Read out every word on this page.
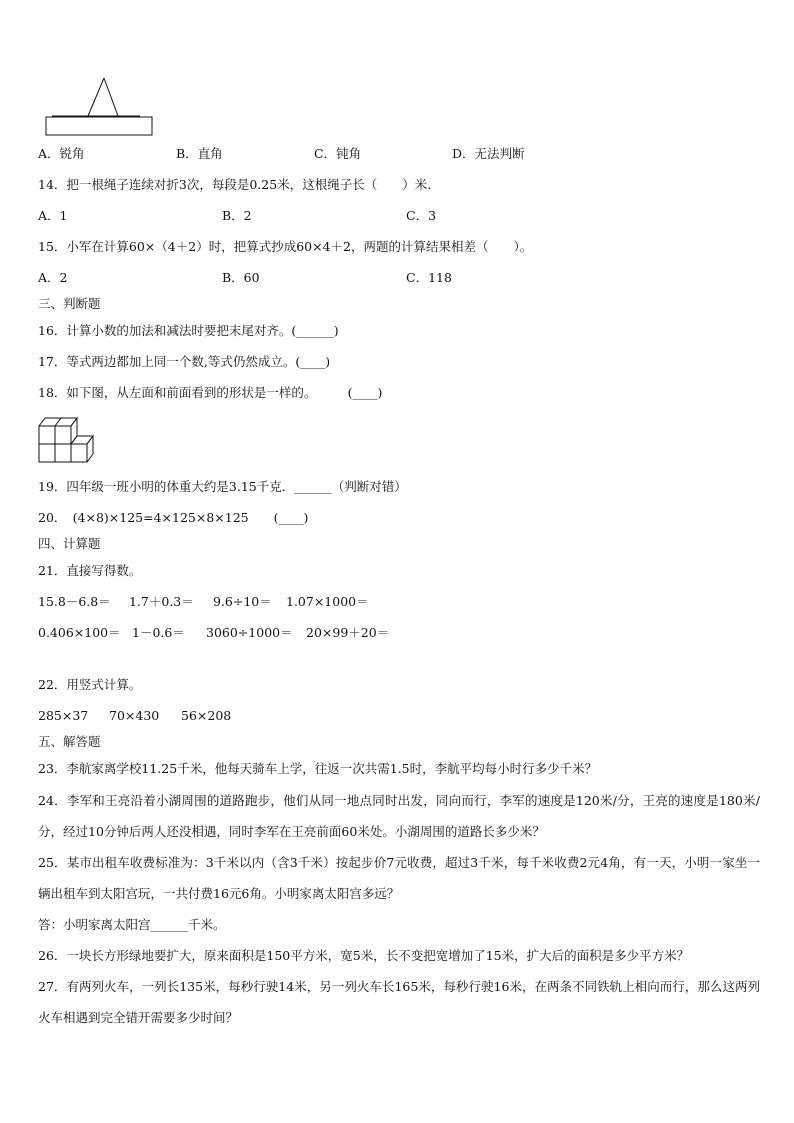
A．锐角	B．直角	C．钝角	D．无法判断
14．把一根绳子连续对折3次，每段是0.25米，这根绳子长（　　）米.
A．1	B．2	C．3
15．小军在计算60×（4＋2）时，把算式抄成60×4＋2，两题的计算结果相差（　　）。
A．2	B．60	C．118
三、判断题
16．计算小数的加法和减法时要把末尾对齐。(______)
17．等式两边都加上同一个数,等式仍然成立。(____)
18．如下图，从左面和前面看到的形状是一样的。　　　(____)
19．四年级一班小明的体重大约是3.15千克．______（判断对错）
20．　(4×8)×125=4×125×8×125　　(____)
四、计算题
21．直接写得数。
15.8－6.8＝ 1.7＋0.3＝ 9.6÷10＝ 1.07×1000＝
0.406×100＝ 1－0.6＝ 3060÷1000＝ 20×99＋20＝
22．用竖式计算。
285×37 70×430 56×208
五、解答题
23．李航家离学校11.25千米，他每天骑车上学，往返一次共需1.5时，李航平均每小时行多少千米？
24．李军和王亮沿着小湖周围的道路跑步，他们从同一地点同时出发，同向而行，李军的速度是120米/分，王亮的速度是180米/分，经过10分钟后两人还没相遇，同时李军在王亮前面60米处。小湖周围的道路长多少米？
25．某市出租车收费标准为：3千米以内（含3千米）按起步价7元收费，超过3千米，每千米收费2元4角，有一天，小明一家坐一辆出租车到太阳宫玩，一共付费16元6角。小明家离太阳宫多远？
答：小明家离太阳宫______千米。
26．一块长方形绿地要扩大，原来面积是150平方米，宽5米，长不变把宽增加了15米，扩大后的面积是多少平方米？
27．有两列火车，一列长135米，每秒行驶14米，另一列火车长165米，每秒行驶16米，在两条不同铁轨上相向而行，那么这两列火车相遇到完全错开需要多少时间？
